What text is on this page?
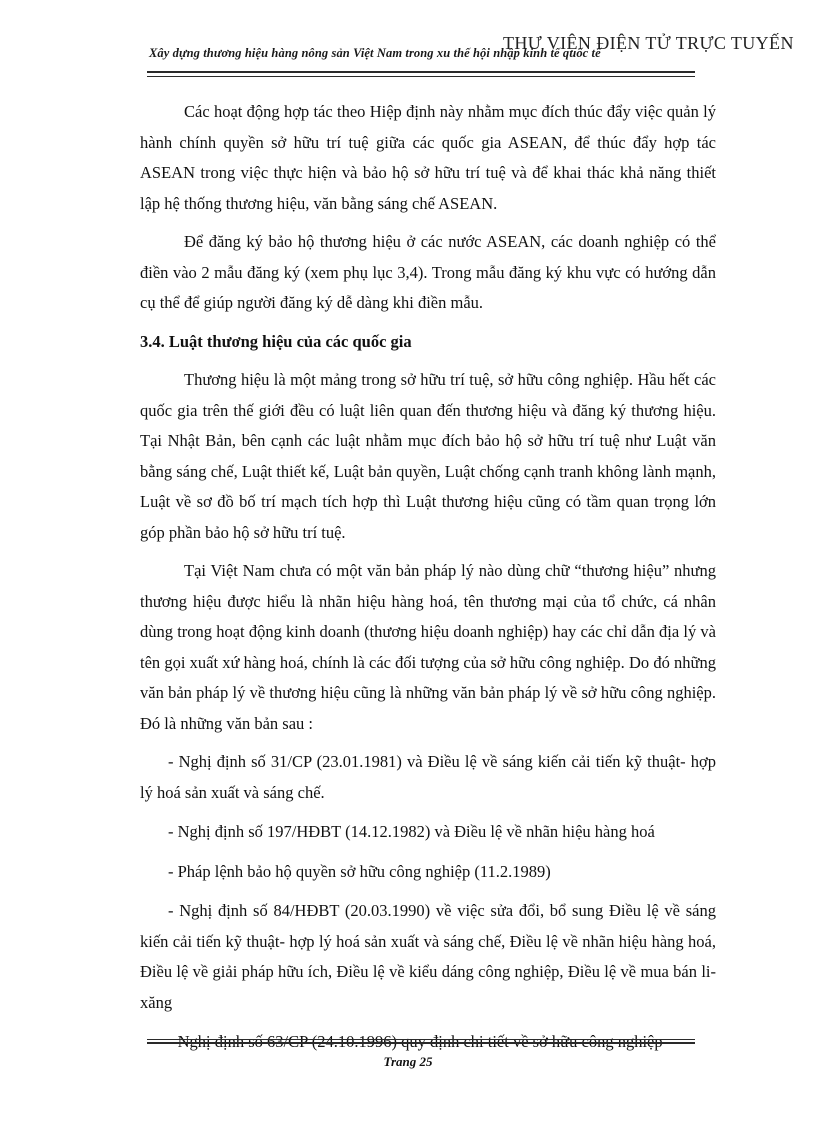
THƯ VIỆN ĐIỆN TỬ TRỰC TUYẾN
Xây dựng thương hiệu hàng nông sản Việt Nam trong xu thế hội nhập kinh tế quốc tế

Các hoạt động hợp tác theo Hiệp định này nhằm mục đích thúc đẩy việc quản lý hành chính quyền sở hữu trí tuệ giữa các quốc gia ASEAN, để thúc đẩy hợp tác ASEAN trong việc thực hiện và bảo hộ sở hữu trí tuệ và để khai thác khả năng thiết lập hệ thống thương hiệu, văn bằng sáng chế ASEAN.

Để đăng ký bảo hộ thương hiệu ở các nước ASEAN, các doanh nghiệp có thể điền vào 2 mẫu đăng ký (xem phụ lục 3,4). Trong mẫu đăng ký khu vực có hướng dẫn cụ thể để giúp người đăng ký dễ dàng khi điền mẫu.

3.4. Luật thương hiệu của các quốc gia

Thương hiệu là một mảng trong sở hữu trí tuệ, sở hữu công nghiệp. Hầu hết các quốc gia trên thế giới đều có luật liên quan đến thương hiệu và đăng ký thương hiệu. Tại Nhật Bản, bên cạnh các luật nhằm mục đích bảo hộ sở hữu trí tuệ như Luật văn bằng sáng chế, Luật thiết kế, Luật bản quyền, Luật chống cạnh tranh không lành mạnh, Luật về sơ đồ bố trí mạch tích hợp thì Luật thương hiệu cũng có tầm quan trọng lớn góp phần bảo hộ sở hữu trí tuệ.

Tại Việt Nam chưa có một văn bản pháp lý nào dùng chữ “thương hiệu” nhưng thương hiệu được hiểu là nhãn hiệu hàng hoá, tên thương mại của tổ chức, cá nhân dùng trong hoạt động kinh doanh (thương hiệu doanh nghiệp) hay các chỉ dẫn địa lý và tên gọi xuất xứ hàng hoá, chính là các đối tượng của sở hữu công nghiệp. Do đó những văn bản pháp lý về thương hiệu cũng là những văn bản pháp lý về sở hữu công nghiệp. Đó là những văn bản sau :

- Nghị định số 31/CP (23.01.1981) và Điều lệ về sáng kiến cải tiến kỹ thuật- hợp lý hoá sản xuất và sáng chế.

- Nghị định số 197/HĐBT (14.12.1982) và Điều lệ về nhãn hiệu hàng hoá

- Pháp lệnh bảo hộ quyền sở hữu công nghiệp (11.2.1989)

- Nghị định số 84/HĐBT (20.03.1990) về việc sửa đổi, bổ sung Điều lệ về sáng kiến cải tiến kỹ thuật- hợp lý hoá sản xuất và sáng chế, Điều lệ về nhãn hiệu hàng hoá, Điều lệ về giải pháp hữu ích, Điều lệ về kiểu dáng công nghiệp, Điều lệ về mua bán li-xăng

- Nghị định số 63/CP (24.10.1996) quy định chi tiết về sở hữu công nghiệp

Trang 25
